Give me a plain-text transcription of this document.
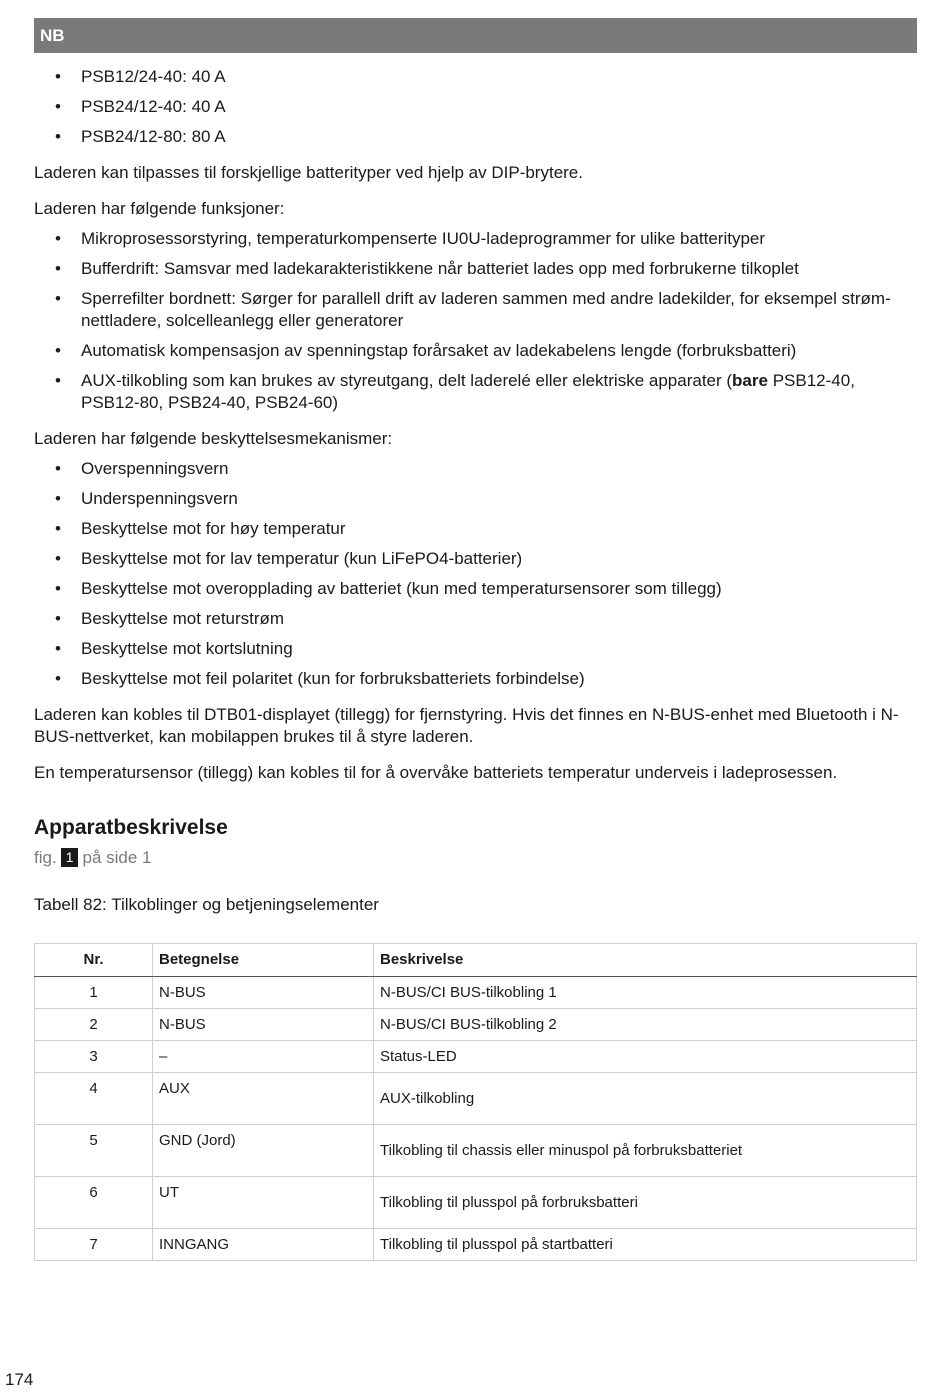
NB
• PSB12/24-40: 40 A
• PSB24/12-40: 40 A
• PSB24/12-80: 80 A

Laderen kan tilpasses til forskjellige batterityper ved hjelp av DIP-brytere.

Laderen har følgende funksjoner:

• Mikroprosessorstyring, temperaturkompenserte IU0U-ladeprogrammer for ulike batterityper
• Bufferdrift: Samsvar med ladekarakteristikkene når batteriet lades opp med forbrukerne tilkoplet
• Sperrefilter bordnett: Sørger for parallell drift av laderen sammen med andre ladekilder, for eksempel strøm- nettladere, solcelleanlegg eller generatorer
• Automatisk kompensasjon av spenningstap forårsaket av ladekabelens lengde (forbruksbatteri)
• AUX-tilkobling som kan brukes av styreutgang, delt laderelé eller elektriske apparater (bare PSB12-40, PSB12-80, PSB24-40, PSB24-60)

Laderen har følgende beskyttelsesmekanismer:

• Overspenningsvern
• Underspenningsvern
• Beskyttelse mot for høy temperatur
• Beskyttelse mot for lav temperatur (kun LiFePO4-batterier)
• Beskyttelse mot overopplading av batteriet (kun med temperatursensorer som tillegg)
• Beskyttelse mot returstrøm
• Beskyttelse mot kortslutning
• Beskyttelse mot feil polaritet (kun for forbruksbatteriets forbindelse)

Laderen kan kobles til DTB01-displayet (tillegg) for fjernstyring. Hvis det finnes en N-BUS-enhet med Bluetooth i N- BUS-nettverket, kan mobilappen brukes til å styre laderen.

En temperatursensor (tillegg) kan kobles til for å overvåke batteriets temperatur underveis i ladeprosessen.

Apparatbeskrivelse
fig. 1 på side 1
Tabell 82: Tilkoblinger og betjeningselementer
Nr.	Betegnelse	Beskrivelse
1	N-BUS	N-BUS/CI BUS-tilkobling 1
2	N-BUS	N-BUS/CI BUS-tilkobling 2
3	–	Status-LED
4	AUX	AUX-tilkobling
5	GND (Jord)	Tilkobling til chassis eller minuspol på forbruksbatteriet
6	UT	Tilkobling til plusspol på forbruksbatteri
7	INNGANG	Tilkobling til plusspol på startbatteri
174
